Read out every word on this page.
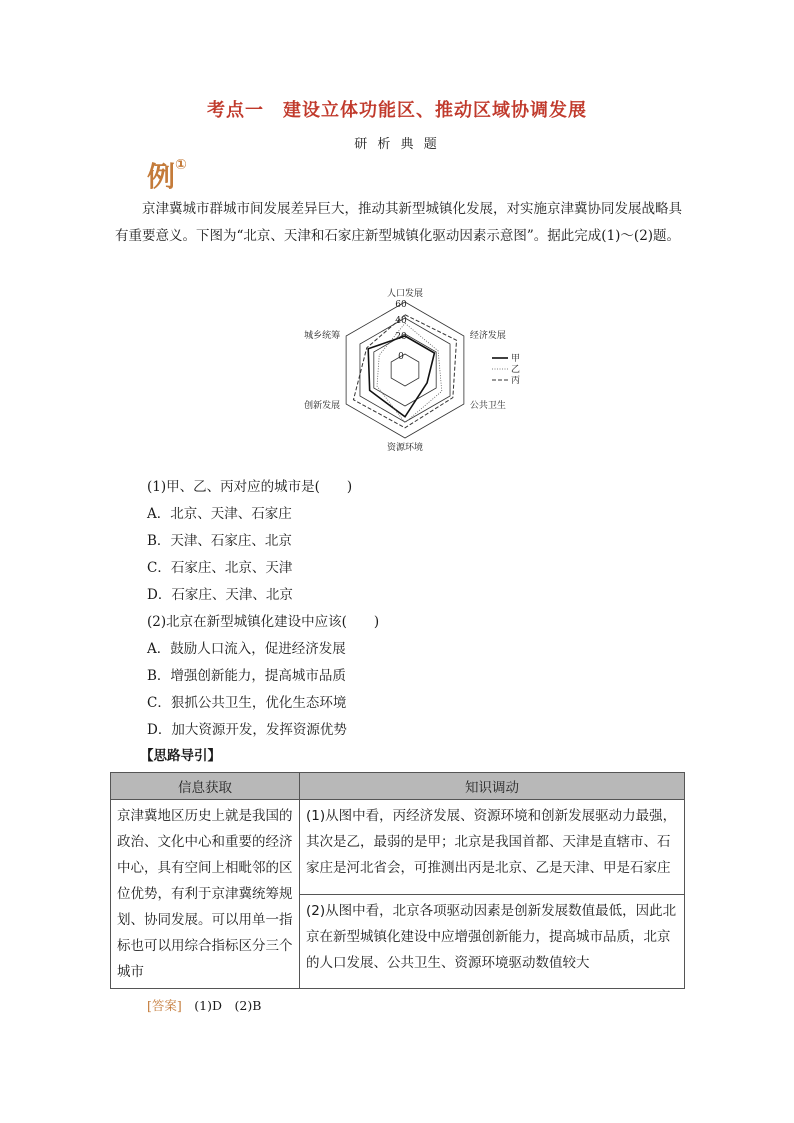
考点一　建设立体功能区、推动区域协调发展
研 析 典 题
例①
京津冀城市群城市间发展差异巨大，推动其新型城镇化发展，对实施京津冀协同发展战略具有重要意义。下图为“北京、天津和石家庄新型城镇化驱动因素示意图”。据此完成(1)～(2)题。
0
20
40
60
人口发展
经济发展
公共卫生
资源环境
创新发展
城乡统筹
甲
乙
丙
(1)甲、乙、丙对应的城市是(　　)
A．北京、天津、石家庄
B．天津、石家庄、北京
C．石家庄、北京、天津
D．石家庄、天津、北京
(2)北京在新型城镇化建设中应该(　　)
A．鼓励人口流入，促进经济发展
B．增强创新能力，提高城市品质
C．狠抓公共卫生，优化生态环境
D．加大资源开发，发挥资源优势
【思路导引】
信息获取	知识调动
京津冀地区历史上就是我国的政治、文化中心和重要的经济中心，具有空间上相毗邻的区位优势，有利于京津冀统筹规划、协同发展。可以用单一指标也可以用综合指标区分三个城市	(1)从图中看，丙经济发展、资源环境和创新发展驱动力最强，其次是乙，最弱的是甲；北京是我国首都、天津是直辖市、石家庄是河北省会，可推测出丙是北京、乙是天津、甲是石家庄
	(2)从图中看，北京各项驱动因素是创新发展数值最低，因此北京在新型城镇化建设中应增强创新能力，提高城市品质，北京的人口发展、公共卫生、资源环境驱动数值较大
[答案]　 (1)D　(2)B
